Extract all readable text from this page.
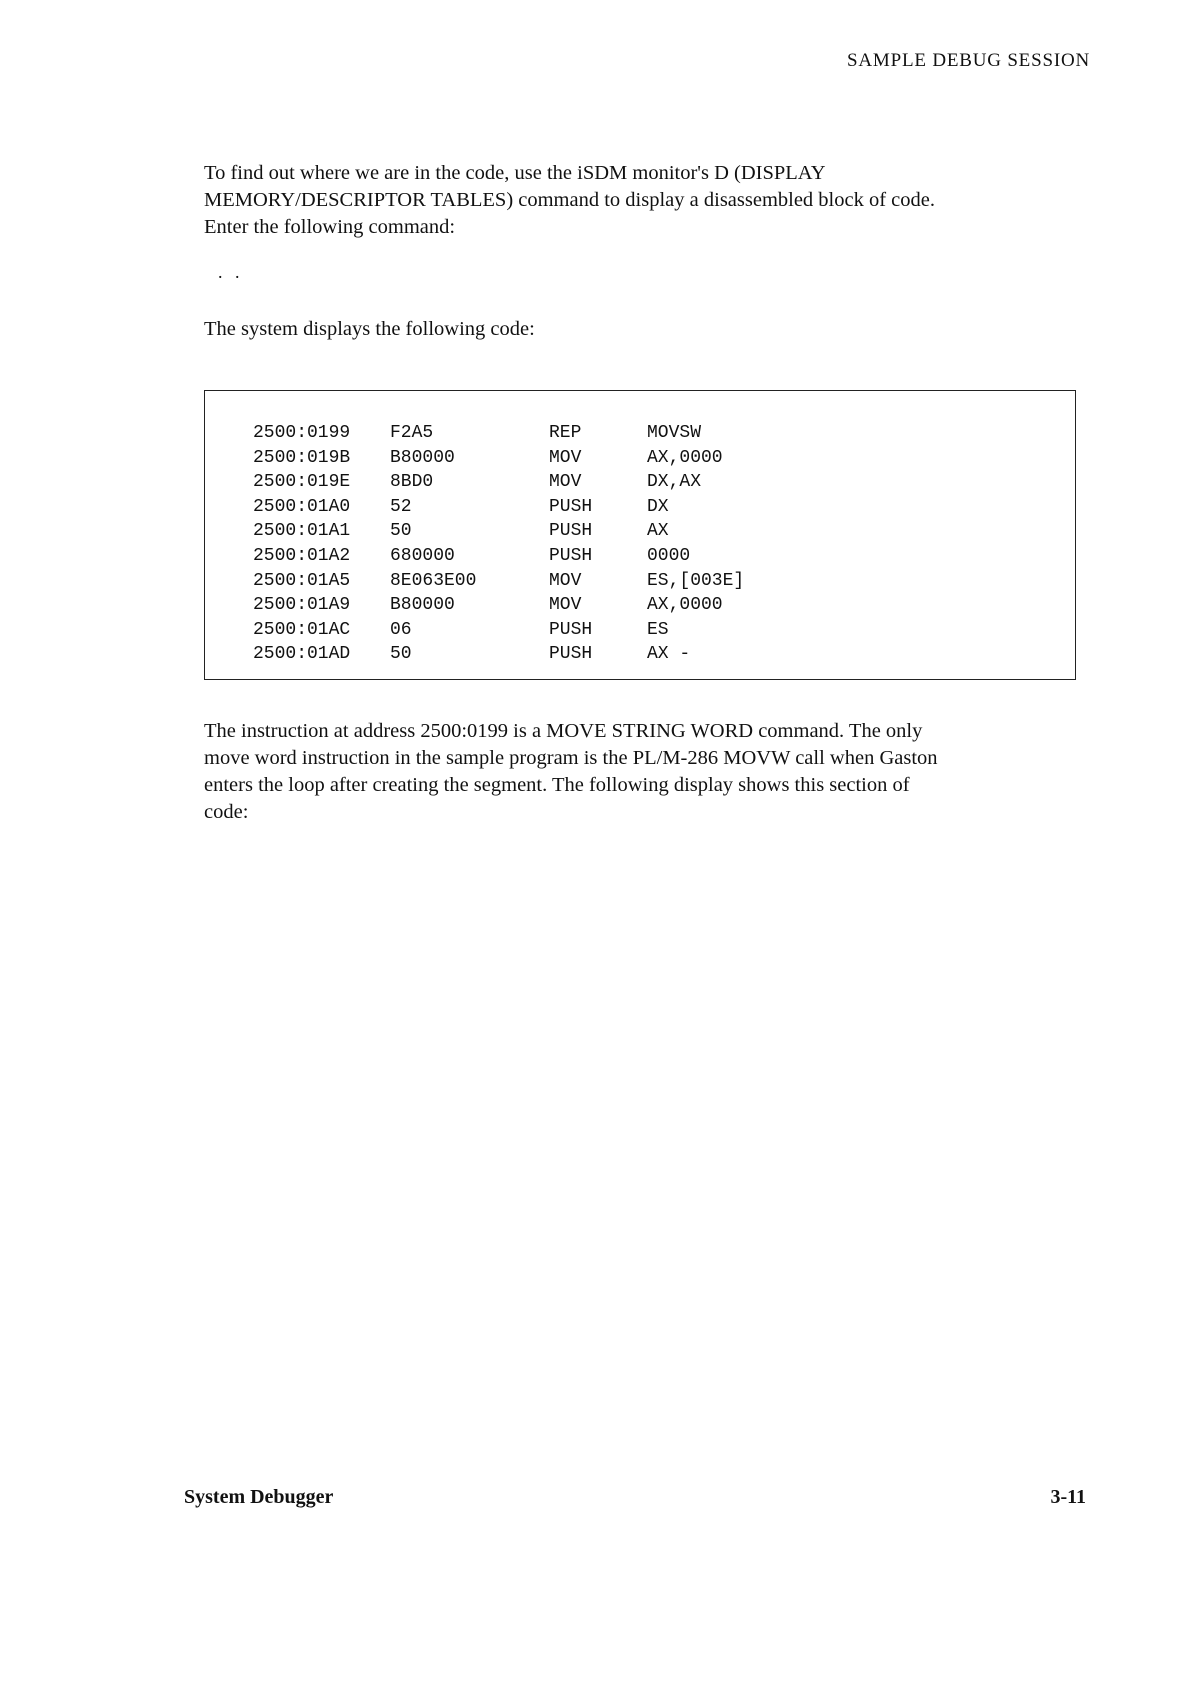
SAMPLE DEBUG SESSION

To find out where we are in the code, use the iSDM monitor's D (DISPLAY

MEMORY/DESCRIPTOR TABLES) command to display a disassembled block of code.

Enter the following command:

. .

The system displays the following code:

2500:0199	F2A5	REP	MOVSW
2500:019B	B80000	MOV	AX,0000
2500:019E	8BD0	MOV	DX,AX
2500:01A0	52	PUSH	DX
2500:01A1	50	PUSH	AX
2500:01A2	680000	PUSH	0000
2500:01A5	8E063E00	MOV	ES,[003E]
2500:01A9	B80000	MOV	AX,0000
2500:01AC	06	PUSH	ES
2500:01AD	50	PUSH	AX -

The instruction at address 2500:0199 is a MOVE STRING WORD command. The only

move word instruction in the sample program is the PL/M-286 MOVW call when Gaston

enters the loop after creating the segment. The following display shows this section of

code:

System Debugger	3-11
